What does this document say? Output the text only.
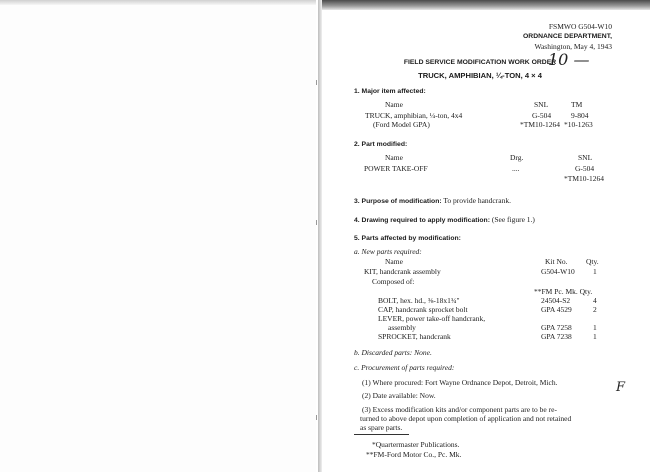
FSMWO G504-W10
ORDNANCE DEPARTMENT,
Washington, May 4, 1943
10 —
FIELD SERVICE MODIFICATION WORK ORDER
TRUCK, AMPHIBIAN, ¼-TON, 4 × 4
1. Major item affected:
Name	SNL	TM
TRUCK, amphibian, ¼-ton, 4x4	G-504	9-804
(Ford Model GPA)	*TM10-1264 *10-1263
2. Part modified:
Name	Drg.	SNL
POWER TAKE-OFF	....	G-504
*TM10-1264
3. Purpose of modification: To provide handcrank.
4. Drawing required to apply modification: (See figure 1.)
5. Parts affected by modification:
a. New parts required:
Name	Kit No. Qty.
KIT, handcrank assembly	G504-W10 1
Composed of:
**FM Pc. Mk. Qty.
BOLT, hex. hd., ⅜-18x1¾"	24504-S2	4
CAP, handcrank sprocket bolt	GPA 4529	2
LEVER, power take-off handcrank,
assembly	GPA 7258	1
SPROCKET, handcrank	GPA 7238	1
b. Discarded parts: None.
c. Procurement of parts required:
(1) Where procured: Fort Wayne Ordnance Depot, Detroit, Mich.	F
(2) Date available: Now.
(3) Excess modification kits and/or component parts are to be re-
turned to above depot upon completion of application and not retained
as spare parts.
*Quartermaster Publications.
**FM-Ford Motor Co., Pc. Mk.
